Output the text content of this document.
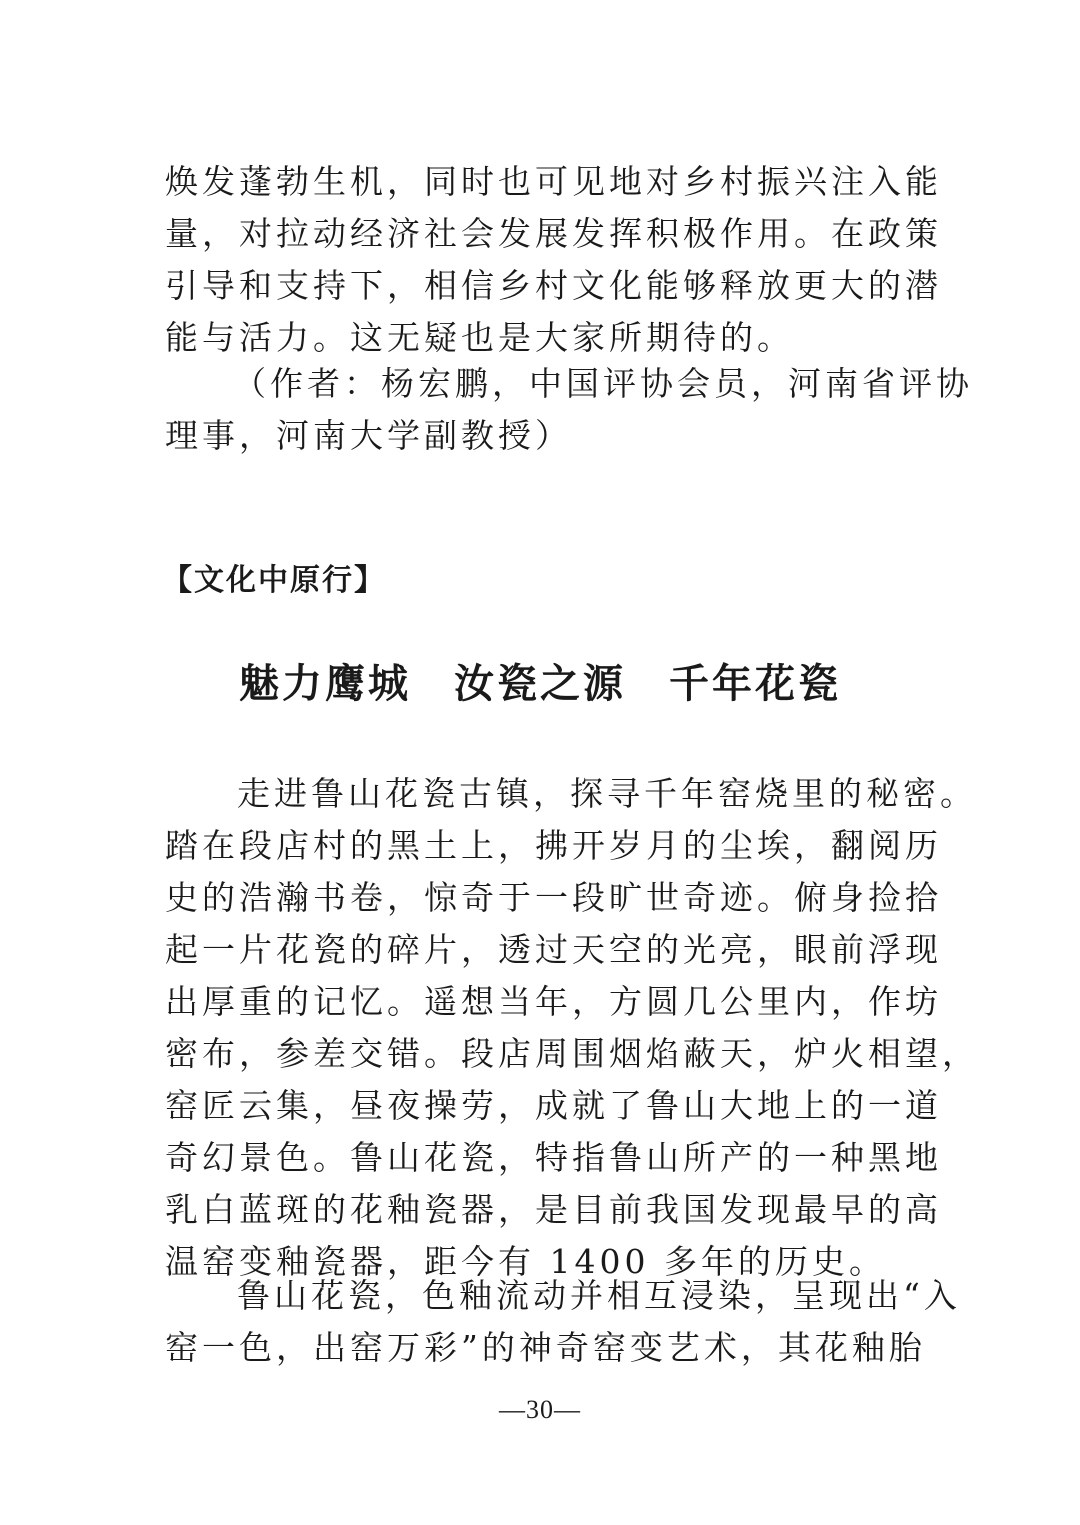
焕发蓬勃生机，同时也可见地对乡村振兴注入能
量，对拉动经济社会发展发挥积极作用。在政策
引导和支持下，相信乡村文化能够释放更大的潜
能与活力。这无疑也是大家所期待的。
（作者：杨宏鹏，中国评协会员，河南省评协
理事，河南大学副教授）
【文化中原行】
魅力鹰城　汝瓷之源　千年花瓷
走进鲁山花瓷古镇，探寻千年窑烧里的秘密。
踏在段店村的黑土上，拂开岁月的尘埃，翻阅历
史的浩瀚书卷，惊奇于一段旷世奇迹。俯身捡拾
起一片花瓷的碎片，透过天空的光亮，眼前浮现
出厚重的记忆。遥想当年，方圆几公里内，作坊
密布，参差交错。段店周围烟焰蔽天，炉火相望，
窑匠云集，昼夜操劳，成就了鲁山大地上的一道
奇幻景色。鲁山花瓷，特指鲁山所产的一种黑地
乳白蓝斑的花釉瓷器，是目前我国发现最早的高
温窑变釉瓷器，距今有 1400 多年的历史。
鲁山花瓷，色釉流动并相互浸染，呈现出“入
窑一色，出窑万彩”的神奇窑变艺术，其花釉胎
—30—
